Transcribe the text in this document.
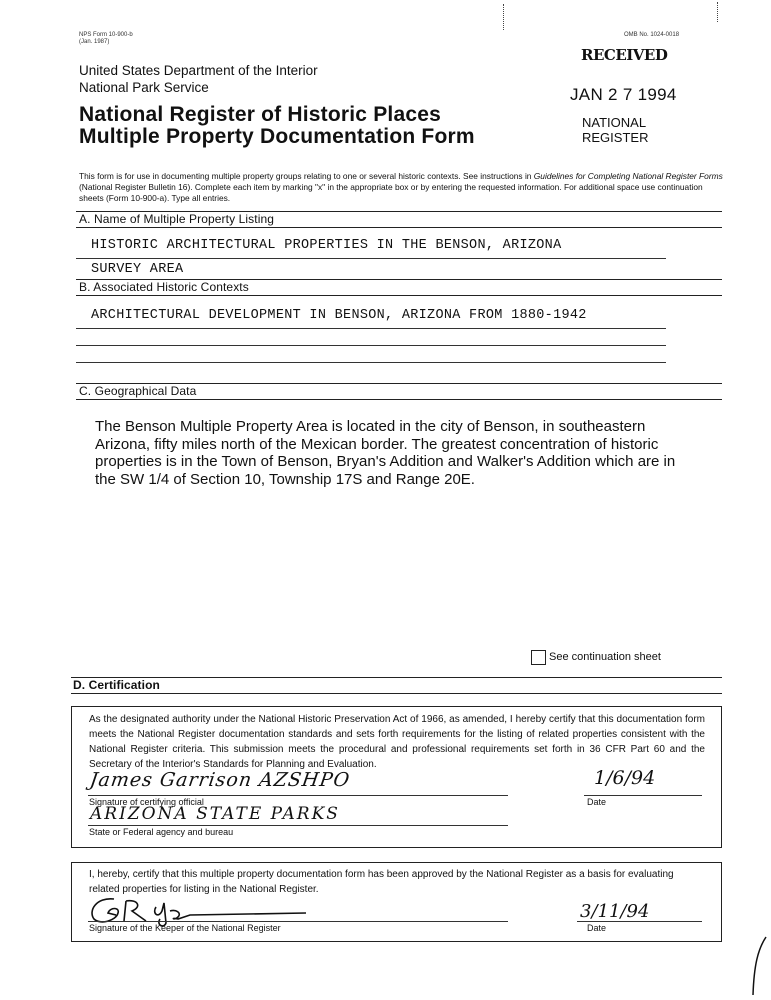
NPS Form 10-900-b
(Jan. 1987)
OMB No. 1024-0018
United States Department of the Interior
National Park Service
National Register of Historic Places
Multiple Property Documentation Form
RECEIVED
JAN 2 7 1994
NATIONAL
REGISTER
This form is for use in documenting multiple property groups relating to one or several historic contexts. See instructions in Guidelines for Completing National Register Forms (National Register Bulletin 16). Complete each item by marking "x" in the appropriate box or by entering the requested information. For additional space use continuation sheets (Form 10-900-a). Type all entries.
A. Name of Multiple Property Listing
HISTORIC ARCHITECTURAL PROPERTIES IN THE BENSON, ARIZONA
SURVEY AREA
B. Associated Historic Contexts
ARCHITECTURAL DEVELOPMENT IN BENSON, ARIZONA FROM 1880-1942
C. Geographical Data
The Benson Multiple Property Area is located in the city of Benson, in southeastern Arizona, fifty miles north of the Mexican border. The greatest concentration of historic properties is in the Town of Benson, Bryan's Addition and Walker's Addition which are in the SW 1/4 of Section 10, Township 17S and Range 20E.
See continuation sheet
D. Certification
As the designated authority under the National Historic Preservation Act of 1966, as amended, I hereby certify that this documentation form meets the National Register documentation standards and sets forth requirements for the listing of related properties consistent with the National Register criteria. This submission meets the procedural and professional requirements set forth in 36 CFR Part 60 and the Secretary of the Interior's Standards for Planning and Evaluation.
James Garrison AZSHPO
Signature of certifying official
1/6/94
Date
ARIZONA STATE PARKS
State or Federal agency and bureau
I, hereby, certify that this multiple property documentation form has been approved by the National Register as a basis for evaluating related properties for listing in the National Register.
Signature of the Keeper of the National Register
3/11/94
Date
